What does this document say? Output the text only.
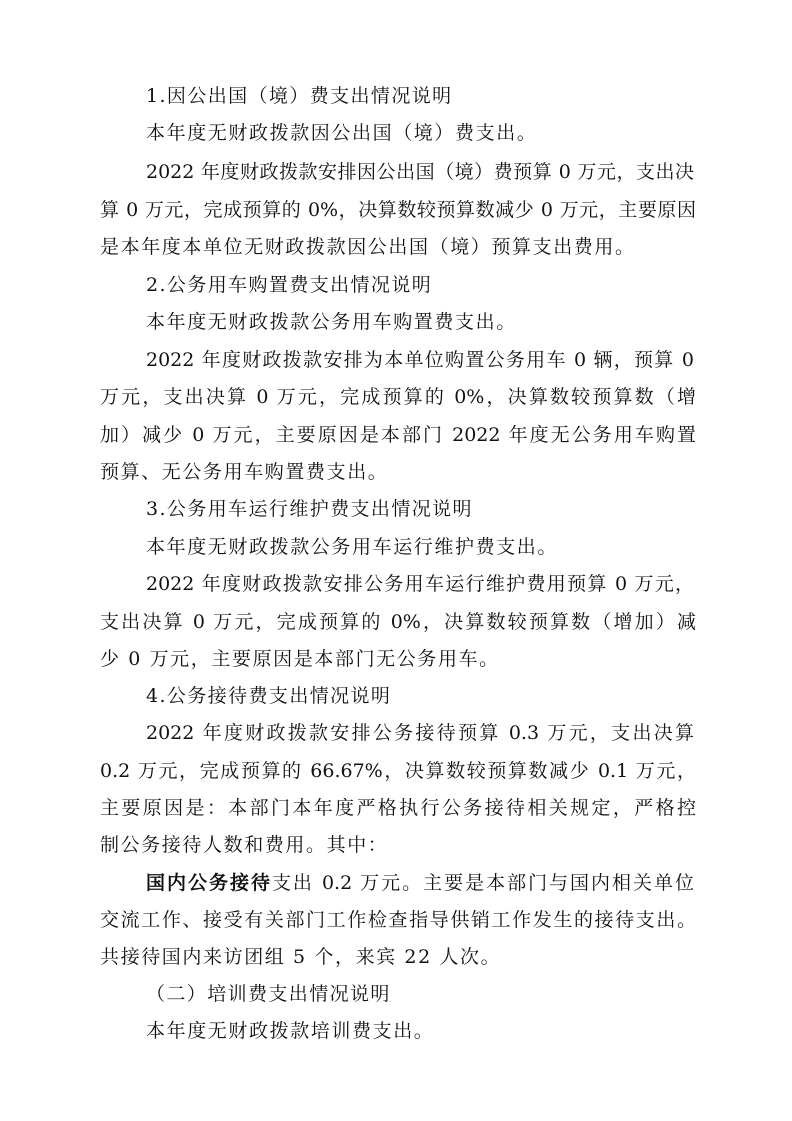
1.因公出国（境）费支出情况说明
本年度无财政拨款因公出国（境）费支出。
2022 年度财政拨款安排因公出国（境）费预算 0 万元，支出决
算 0 万元，完成预算的 0%，决算数较预算数减少 0 万元，主要原因
是本年度本单位无财政拨款因公出国（境）预算支出费用。
2.公务用车购置费支出情况说明
本年度无财政拨款公务用车购置费支出。
2022 年度财政拨款安排为本单位购置公务用车 0 辆，预算 0
万元，支出决算 0 万元，完成预算的 0%，决算数较预算数（增
加）减少 0 万元，主要原因是本部门 2022 年度无公务用车购置
预算、无公务用车购置费支出。
3.公务用车运行维护费支出情况说明
本年度无财政拨款公务用车运行维护费支出。
2022 年度财政拨款安排公务用车运行维护费用预算 0 万元，
支出决算 0 万元，完成预算的 0%，决算数较预算数（增加）减
少 0 万元，主要原因是本部门无公务用车。
4.公务接待费支出情况说明
2022 年度财政拨款安排公务接待预算 0.3 万元，支出决算
0.2 万元，完成预算的 66.67%，决算数较预算数减少 0.1 万元，
主要原因是：本部门本年度严格执行公务接待相关规定，严格控
制公务接待人数和费用。其中：
国内公务接待支出 0.2 万元。主要是本部门与国内相关单位
交流工作、接受有关部门工作检查指导供销工作发生的接待支出。
共接待国内来访团组 5 个，来宾 22 人次。
（二）培训费支出情况说明
本年度无财政拨款培训费支出。
